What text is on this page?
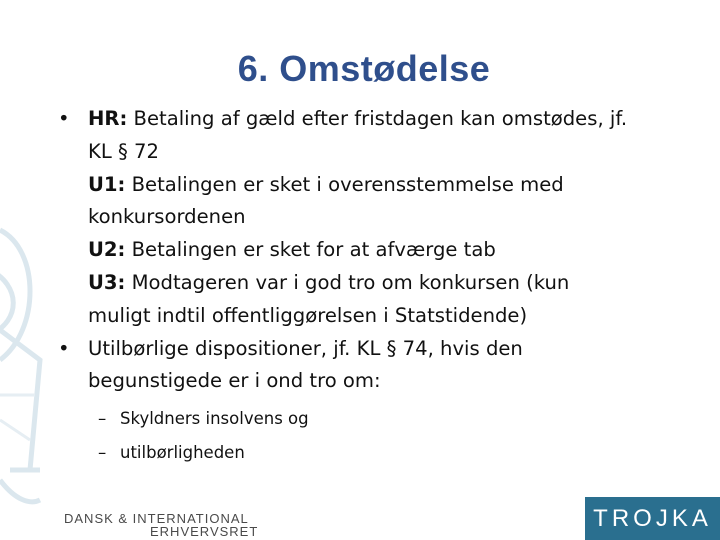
6. Omstødelse
• HR: Betaling af gæld efter fristdagen kan omstødes, jf.
KL § 72
U1: Betalingen er sket i overensstemmelse med
konkursordenen
U2: Betalingen er sket for at afværge tab
U3: Modtageren var i god tro om konkursen (kun
muligt indtil offentliggørelsen i Statstidende)
• Utilbørlige dispositioner, jf. KL § 74, hvis den
begunstigede er i ond tro om:
– Skyldners insolvens og
– utilbørligheden
DANSK & INTERNATIONAL
ERHVERVSRET	TROJKA
